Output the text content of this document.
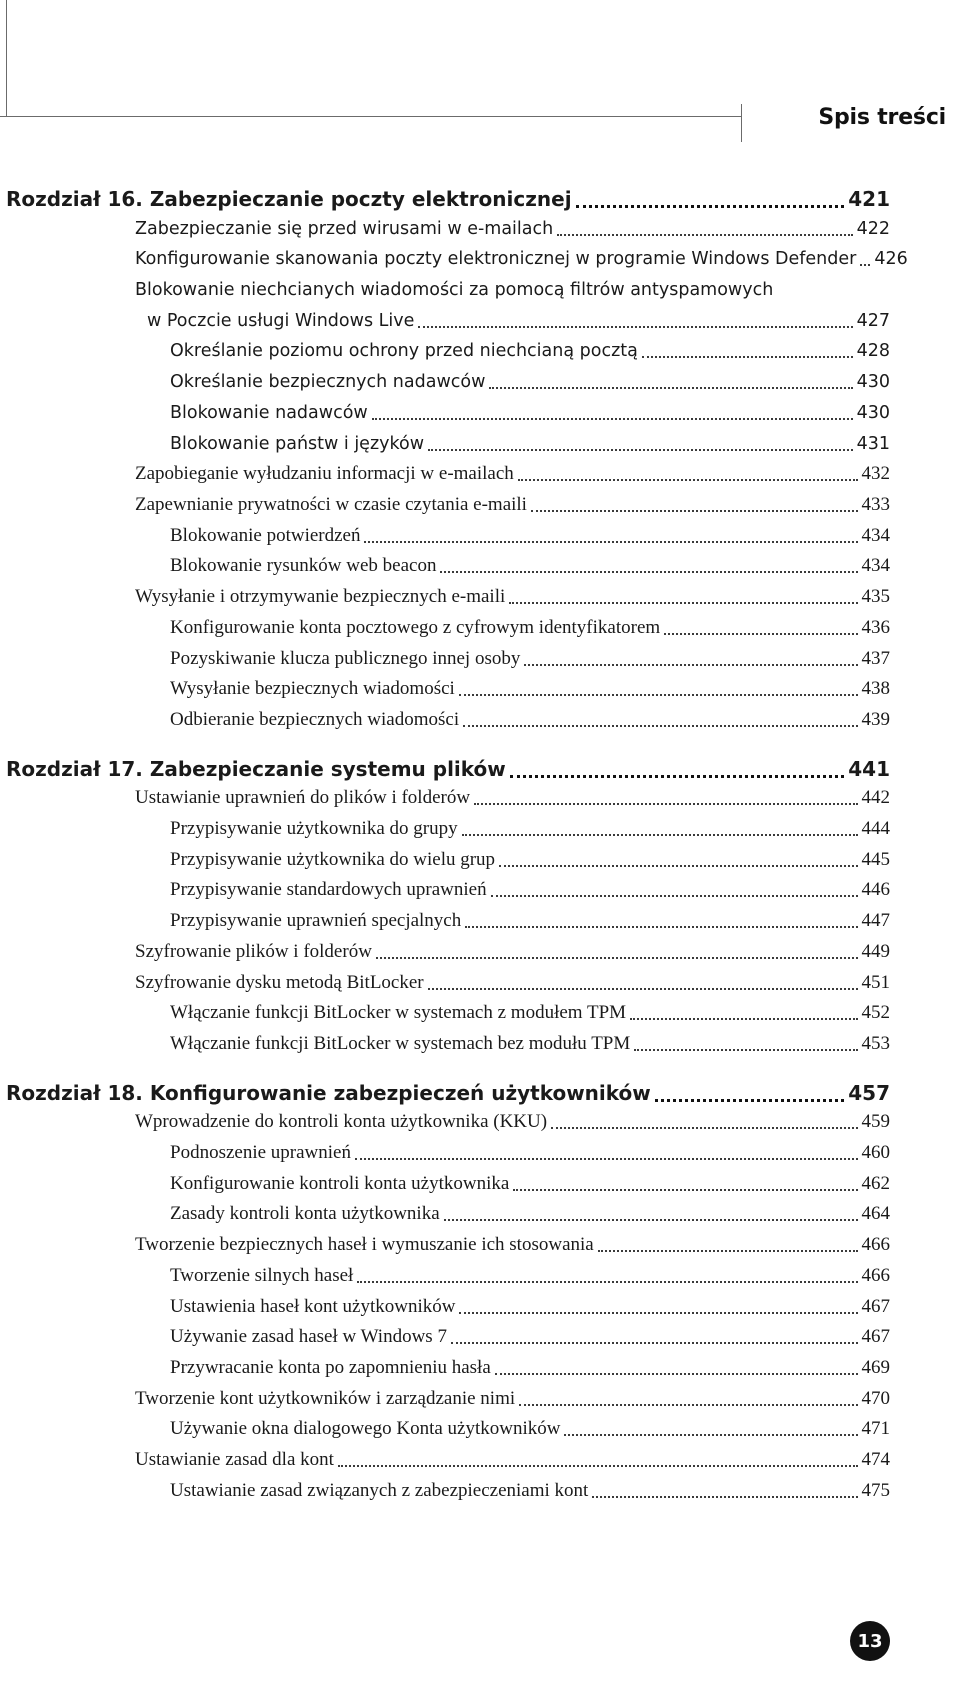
Spis treści
Rozdział 16. Zabezpieczanie poczty elektronicznej	421
Zabezpieczanie się przed wirusami w e-mailach	422
Konfigurowanie skanowania poczty elektronicznej w programie Windows Defender 426
Blokowanie niechcianych wiadomości za pomocą filtrów antyspamowych
w Poczcie usługi Windows Live	427
Określanie poziomu ochrony przed niechcianą pocztą	428
Określanie bezpiecznych nadawców	430
Blokowanie nadawców	430
Blokowanie państw i języków	431
Zapobieganie wyłudzaniu informacji w e-mailach	432
Zapewnianie prywatności w czasie czytania e-maili	433
Blokowanie potwierdzeń	434
Blokowanie rysunków web beacon	434
Wysyłanie i otrzymywanie bezpiecznych e-maili	435
Konfigurowanie konta pocztowego z cyfrowym identyfikatorem	436
Pozyskiwanie klucza publicznego innej osoby	437
Wysyłanie bezpiecznych wiadomości	438
Odbieranie bezpiecznych wiadomości	439
Rozdział 17. Zabezpieczanie systemu plików	441
Ustawianie uprawnień do plików i folderów	442
Przypisywanie użytkownika do grupy	444
Przypisywanie użytkownika do wielu grup	445
Przypisywanie standardowych uprawnień	446
Przypisywanie uprawnień specjalnych	447
Szyfrowanie plików i folderów	449
Szyfrowanie dysku metodą BitLocker	451
Włączanie funkcji BitLocker w systemach z modułem TPM	452
Włączanie funkcji BitLocker w systemach bez modułu TPM	453
Rozdział 18. Konfigurowanie zabezpieczeń użytkowników	457
Wprowadzenie do kontroli konta użytkownika (KKU)	459
Podnoszenie uprawnień	460
Konfigurowanie kontroli konta użytkownika	462
Zasady kontroli konta użytkownika	464
Tworzenie bezpiecznych haseł i wymuszanie ich stosowania	466
Tworzenie silnych haseł	466
Ustawienia haseł kont użytkowników	467
Używanie zasad haseł w Windows 7	467
Przywracanie konta po zapomnieniu hasła	469
Tworzenie kont użytkowników i zarządzanie nimi	470
Używanie okna dialogowego Konta użytkowników	471
Ustawianie zasad dla kont	474
Ustawianie zasad związanych z zabezpieczeniami kont	475
13
